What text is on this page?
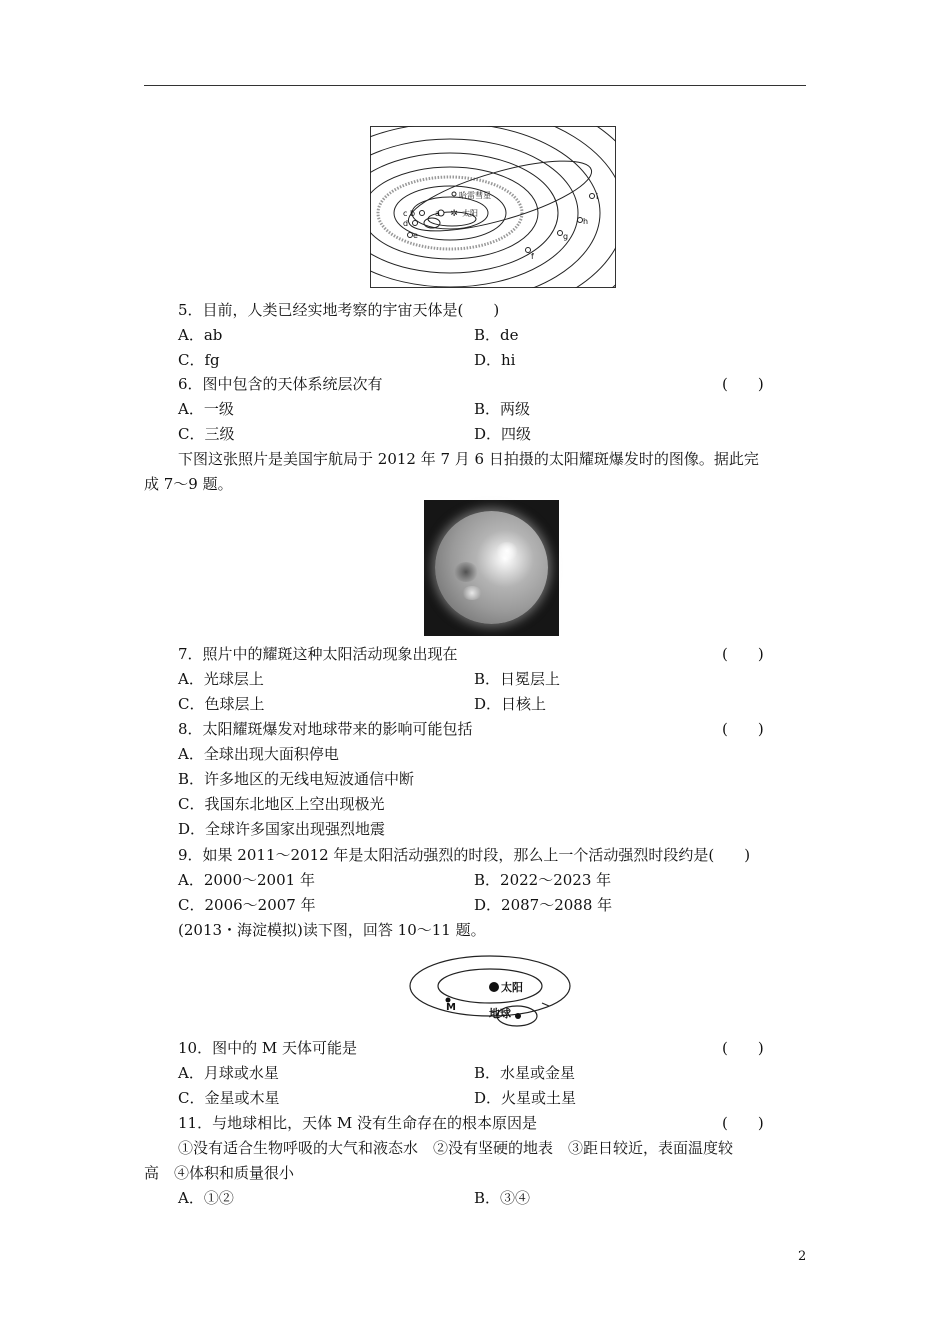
✲ 太阳
a
b
c
d
e
f
g
h
i
哈雷彗星
5．目前，人类已经实地考察的宇宙天体是(　　)
A．ab	B．de
C．fg	D．hi
6．图中包含的天体系统层次有	(　　)
A．一级	B．两级
C．三级	D．四级
下图这张照片是美国宇航局于 2012 年 7 月 6 日拍摄的太阳耀斑爆发时的图像。据此完
成 7～9 题。
7．照片中的耀斑这种太阳活动现象出现在	(　　)
A．光球层上	B．日冕层上
C．色球层上	D．日核上
8．太阳耀斑爆发对地球带来的影响可能包括	(　　)
A．全球出现大面积停电
B．许多地区的无线电短波通信中断
C．我国东北地区上空出现极光
D．全球许多国家出现强烈地震
9．如果 2011～2012 年是太阳活动强烈的时段，那么上一个活动强烈时段约是(　　)
A．2000～2001 年	B．2022～2023 年
C．2006～2007 年	D．2087～2088 年
(2013・海淀模拟)读下图，回答 10～11 题。
太阳
M	地球
10．图中的 M 天体可能是	(　　)
A．月球或水星	B．水星或金星
C．金星或木星	D．火星或土星
11．与地球相比，天体 M 没有生命存在的根本原因是	(　　)
①没有适合生物呼吸的大气和液态水　②没有坚硬的地表　③距日较近，表面温度较
高　④体积和质量很小
A．①②	B．③④
2
